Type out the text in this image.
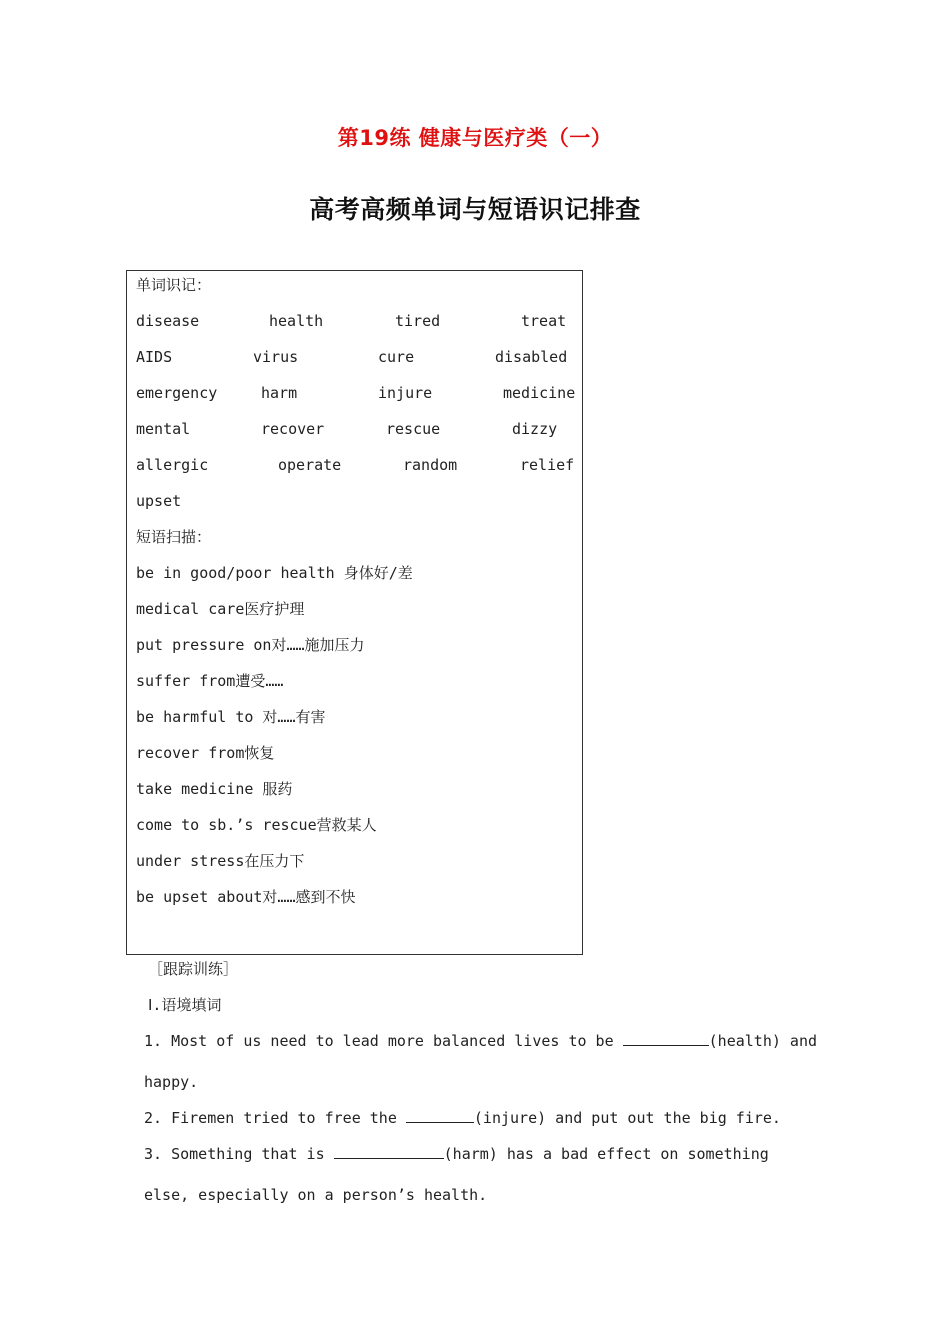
第19练 健康与医疗类（一）
高考高频单词与短语识记排查
单词识记：
disease	health	tired	treat
AIDS	virus	cure	disabled
emergency	harm	injure	medicine
mental	recover	rescue	dizzy
allergic	operate	random	relief
upset
短语扫描：
be in good/poor health 身体好/差
medical care医疗护理
put pressure on对……施加压力
suffer from遭受……
be harmful to 对……有害
recover from恢复
take medicine 服药
come to sb.’s rescue营救某人
under stress在压力下
be upset about对……感到不快
［跟踪训练］
Ⅰ.语境填词
1. Most of us need to lead more balanced lives to be	(health) and
happy.
2. Firemen tried to free the	(injure) and put out the big fire.
3. Something that is	(harm) has a bad effect on something
else, especially on a person’s health.
